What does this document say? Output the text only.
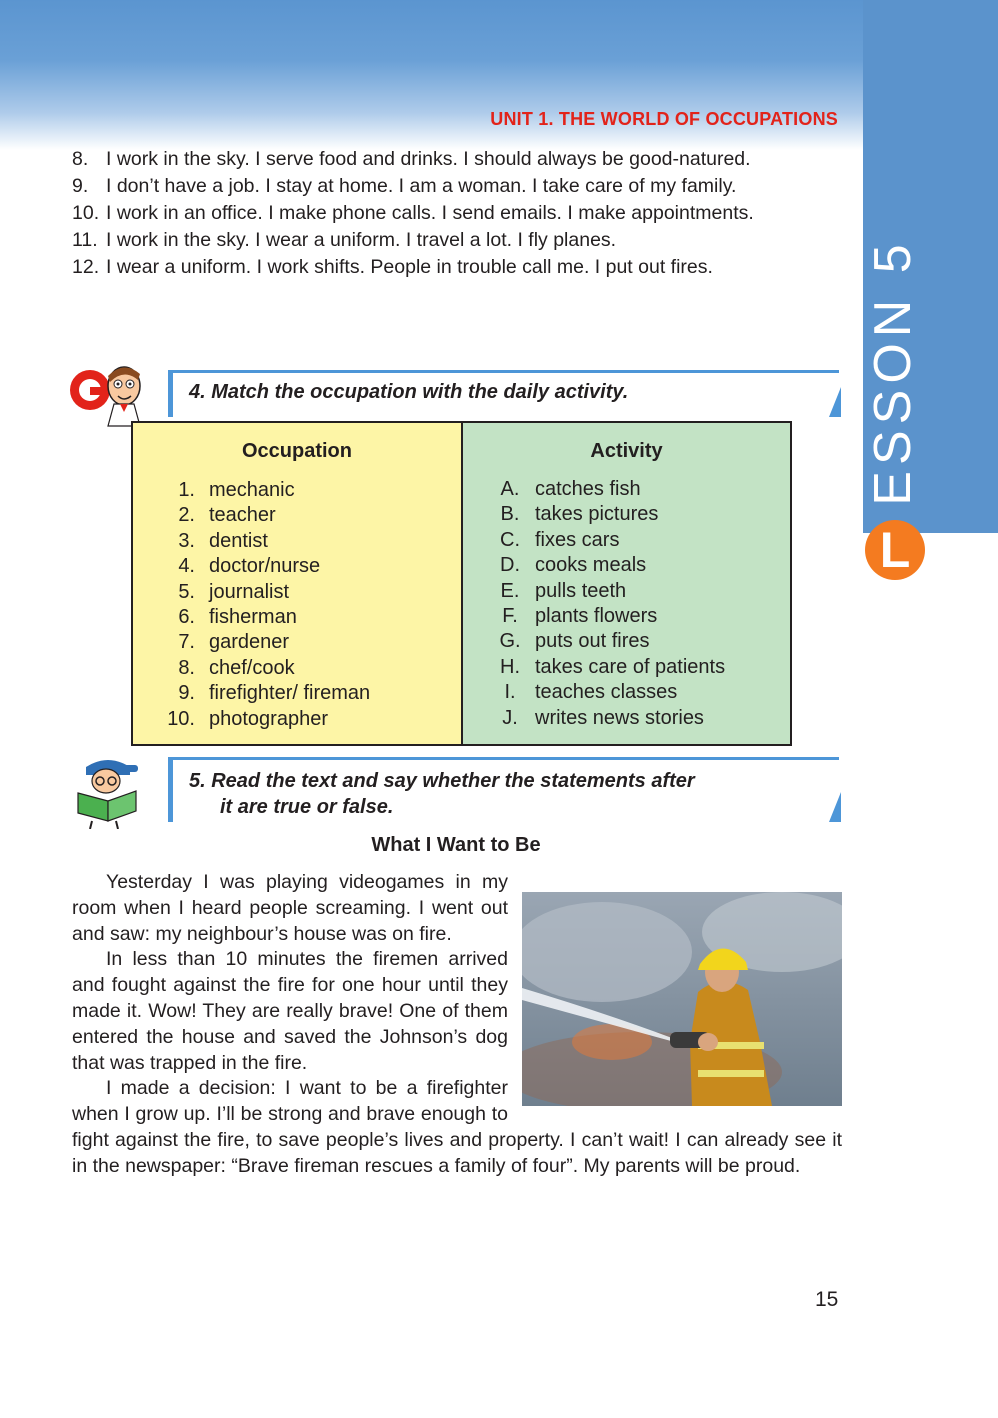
UNIT 1. THE WORLD OF OCCUPATIONS
ESSON 5
L
8. I work in the sky. I serve food and drinks. I should always be good-natured.
9. I don’t have a job. I stay at home. I am a woman. I take care of my family.
10. I work in an office. I make phone calls. I send emails. I make appointments.
11. I work in the sky. I wear a uniform. I travel a lot. I fly planes.
12. I wear a uniform. I work shifts. People in trouble call me. I put out fires.
4. Match the occupation with the daily activity.
Occupation
1. mechanic
2. teacher
3. dentist
4. doctor/nurse
5. journalist
6. fisherman
7. gardener
8. chef/cook
9. firefighter/ fireman
10. photographer
Activity
A. catches fish
B. takes pictures
C. fixes cars
D. cooks meals
E. pulls teeth
F. plants flowers
G. puts out fires
H. takes care of patients
I. teaches classes
J. writes news stories
5. Read the text and say whether the statements after
it are true or false.
What I Want to Be

Yesterday I was playing videogames in my room when I heard people screaming. I went out and saw: my neighbour’s house was on fire.

In less than 10 minutes the firemen arrived and fought against the fire for one hour until they made it. Wow! They are really brave! One of them entered the house and saved the Johnson’s dog that was trapped in the fire.

I made a decision: I want to be a firefighter when I grow up. I’ll be strong and brave enough to fight against the fire, to save people’s lives and property. I can’t wait! I can already see it in the newspaper: “Brave fireman rescues a family of four”. My parents will be proud.

15
